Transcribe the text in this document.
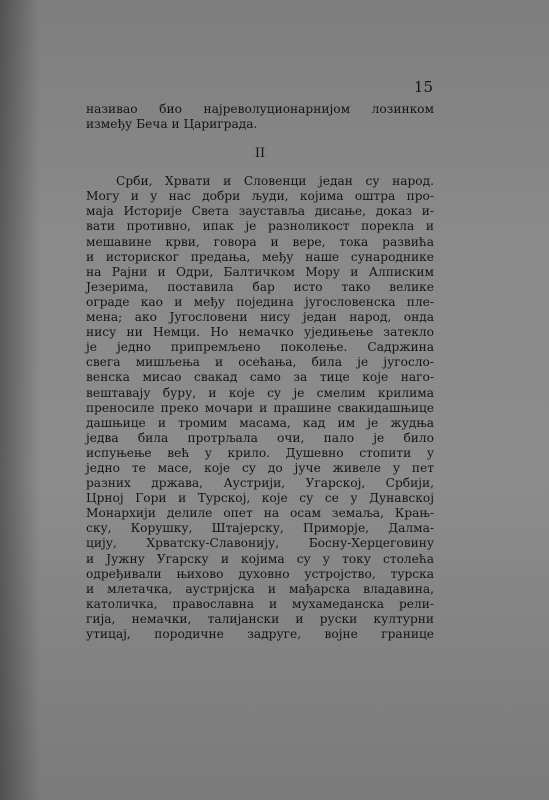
15
називао био најреволуционарнијом лозинком
између Беча и Цариграда.
II
Срби, Хрвати и Словенци један су народ.
Могу и у нас добри људи, којима оштра про-
маја Историје Света зауставља дисање, доказ и-
вати противно, ипак је разноликост порекла и
мешавине крви, говора и вере, тока развића
и историског предања, међу наше сународнике
на Рајни и Одри, Балтичком Мору и Алписким
Језерима, поставила бар исто тако велике
ограде као и међу поједина југословенска пле-
мена; ако Југословени нису један народ, онда
нису ни Немци. Но немачко уједињење затекло
је једно припремљено поколење. Садржина
свега мишљења и осећања, била је југосло-
венска мисао свакад само за тице које наго-
вештавају буру, и које су је смелим крилима
преносиле преко мочари и прашине свакидашњице
дашњице и тромим масама, кад им је жудња
једва била протрљала очи, пало је било
испуњење већ у крило. Душевно стопити у
једно те масе, које су до јуче живеле у пет
разних држава, Аустрији, Угарској, Србији,
Црној Гори и Турској, које су се у Дунавској
Монархији делиле опет на осам земаља, Крањ-
ску, Корушку, Штајерску, Приморје, Далма-
цију, Хрватску-Славонију, Босну-Херцеговину
и Јужну Угарску и којима су у току столећа
одређивали њихово духовно устројство, турска
и млетачка, аустријска и мађарска владавина,
католичка, православна и мухамеданска рели-
гија, немачки, талијански и руски културни
утицај, породичне задруге, војне границе
